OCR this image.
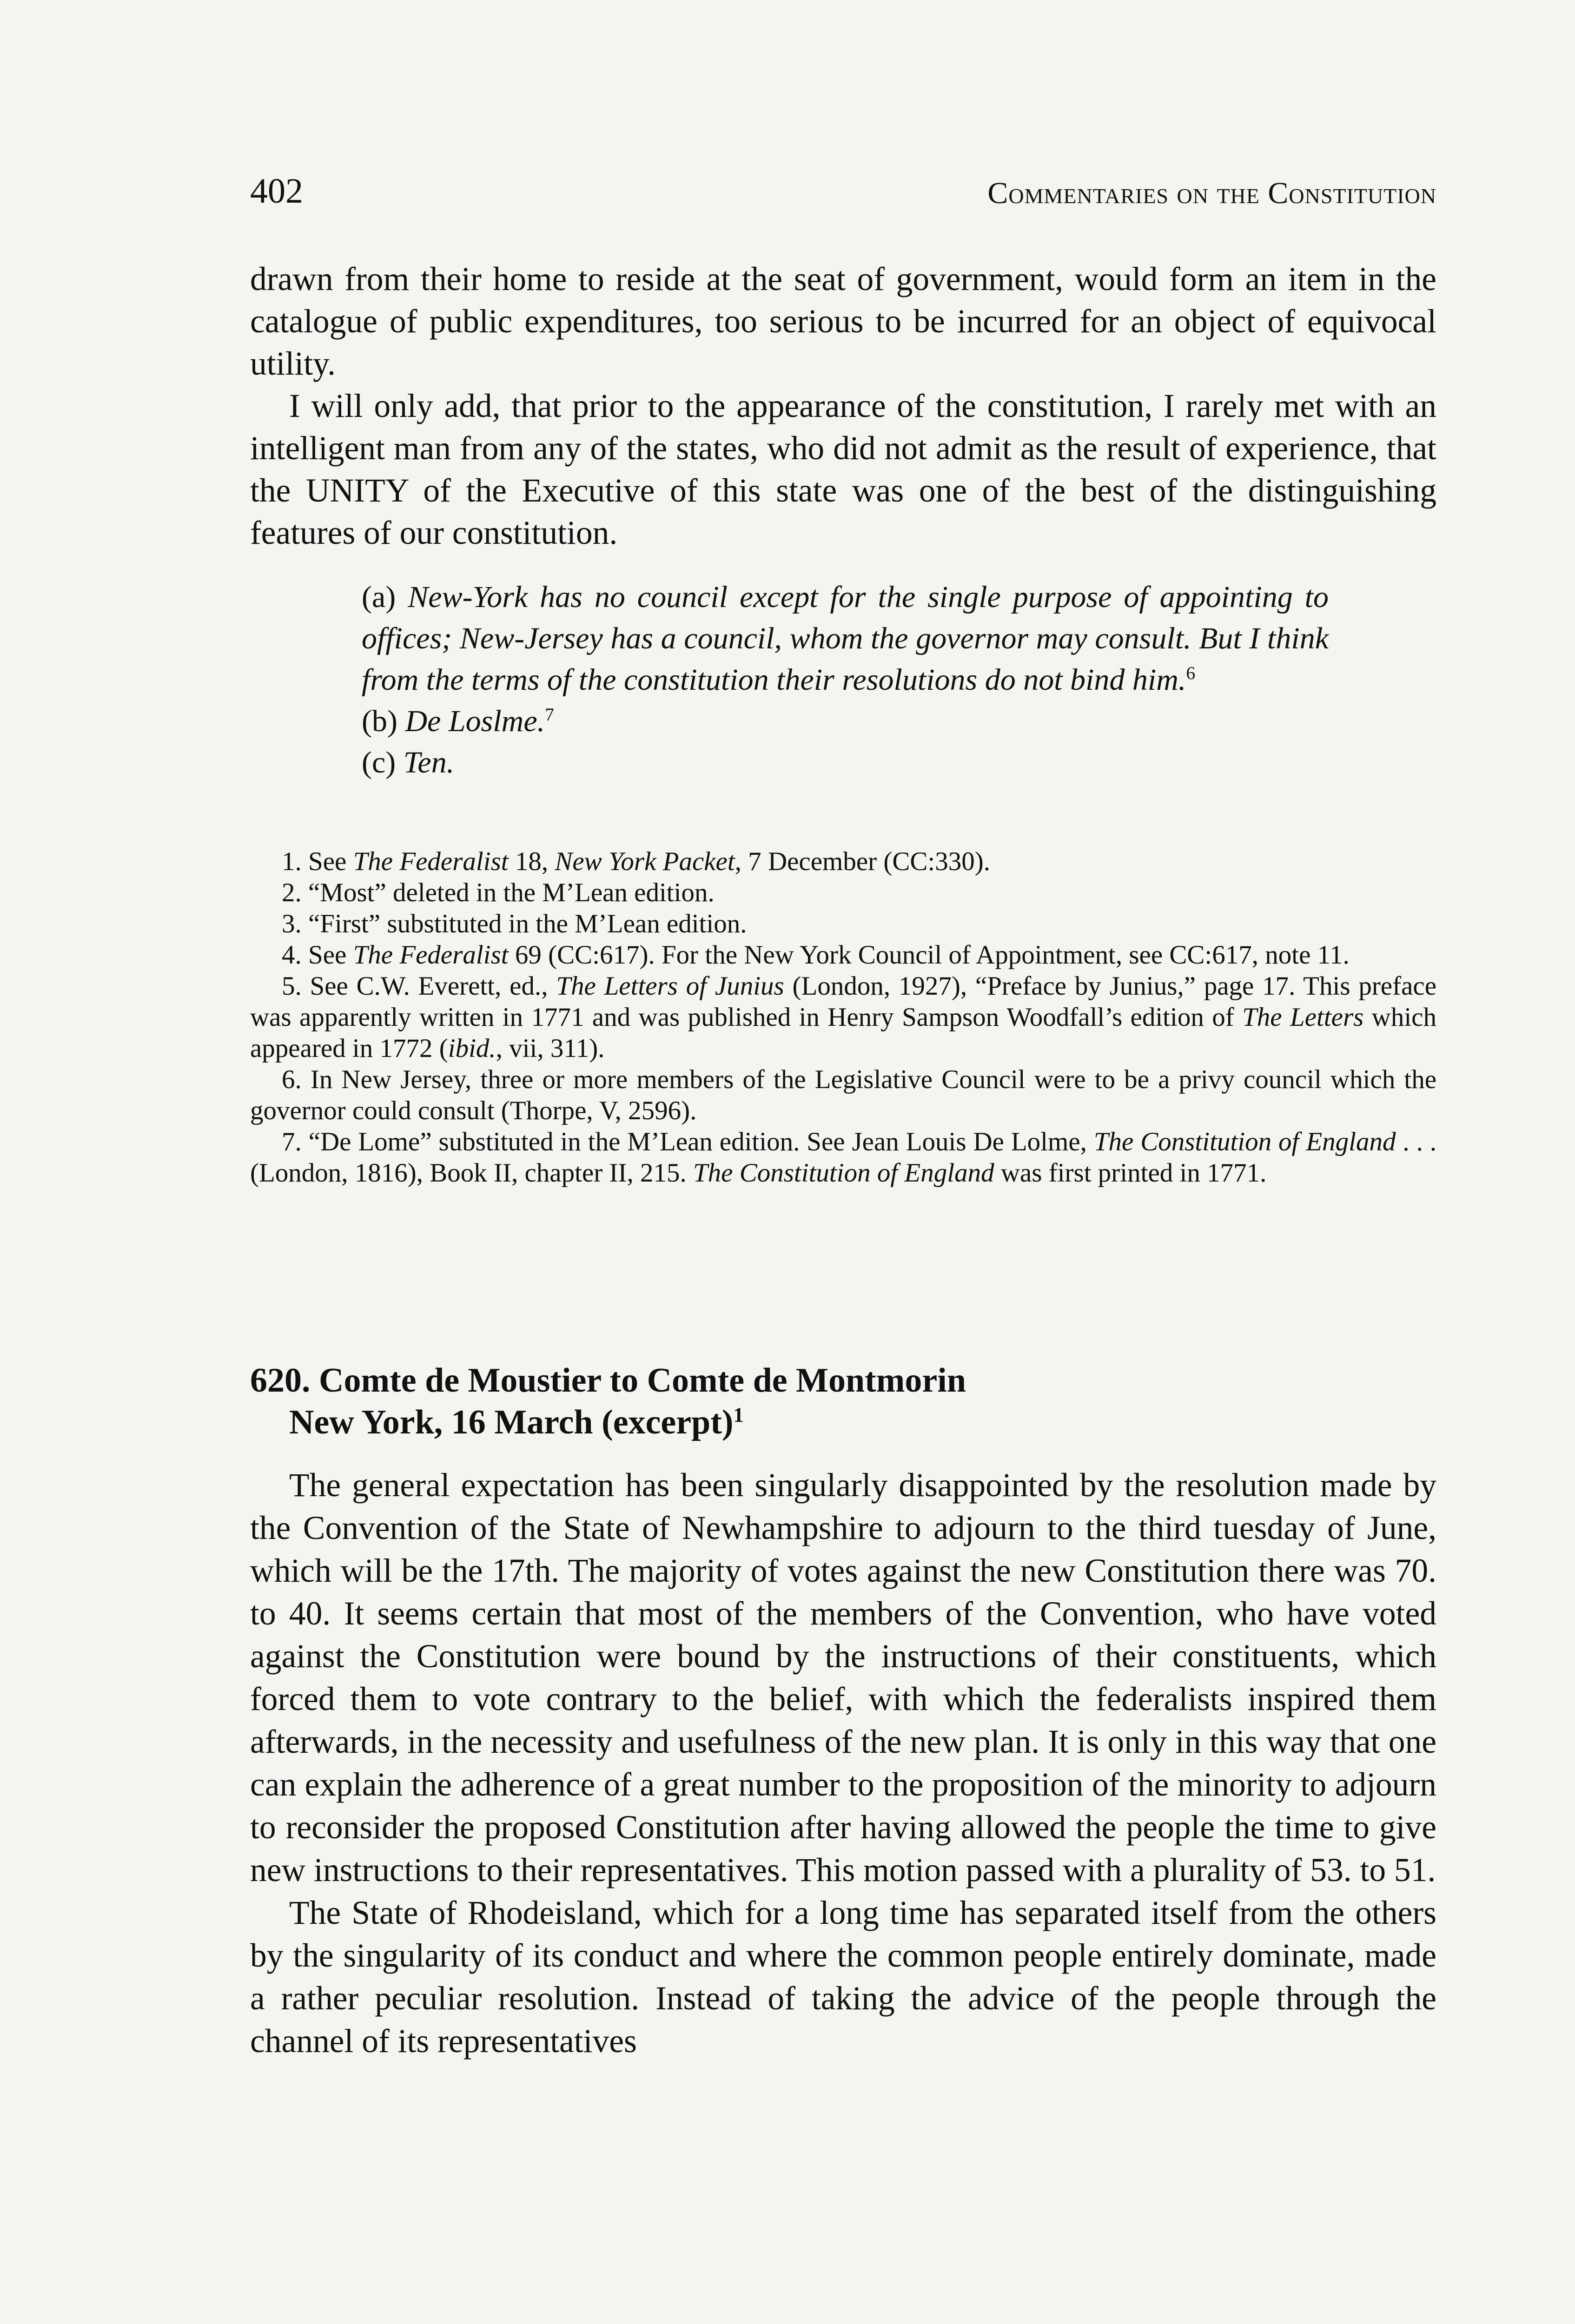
402	Commentaries on the Constitution

drawn from their home to reside at the seat of government, would form an item in the catalogue of public expenditures, too serious to be incurred for an object of equivocal utility.

I will only add, that prior to the appearance of the constitution, I rarely met with an intelligent man from any of the states, who did not admit as the result of experience, that the UNITY of the Executive of this state was one of the best of the distinguishing features of our constitution.

(a) New-York has no council except for the single purpose of appointing to offices; New-Jersey has a council, whom the governor may consult. But I think from the terms of the constitution their resolutions do not bind him.$^6$

(b) De Loslme.$^7$

(c) Ten.

1. See The Federalist 18, New York Packet, 7 December (CC:330).

2. “Most” deleted in the M’Lean edition.

3. “First” substituted in the M’Lean edition.

4. See The Federalist 69 (CC:617). For the New York Council of Appointment, see CC:617, note 11.

5. See C.W. Everett, ed., The Letters of Junius (London, 1927), “Preface by Junius,” page 17. This preface was apparently written in 1771 and was published in Henry Sampson Woodfall’s edition of The Letters which appeared in 1772 (ibid., vii, 311).

6. In New Jersey, three or more members of the Legislative Council were to be a privy council which the governor could consult (Thorpe, V, 2596).

7. “De Lome” substituted in the M’Lean edition. See Jean Louis De Lolme, The Constitution of England . . . (London, 1816), Book II, chapter II, 215. The Constitution of England was first printed in 1771.

620. Comte de Moustier to Comte de Montmorin
New York, 16 March (excerpt)$^1$

The general expectation has been singularly disappointed by the resolution made by the Convention of the State of Newhampshire to adjourn to the third tuesday of June, which will be the 17th. The majority of votes against the new Constitution there was 70. to 40. It seems certain that most of the members of the Convention, who have voted against the Constitution were bound by the instructions of their constituents, which forced them to vote contrary to the belief, with which the federalists inspired them afterwards, in the necessity and usefulness of the new plan. It is only in this way that one can explain the adherence of a great number to the proposition of the minority to adjourn to reconsider the proposed Constitution after having allowed the people the time to give new instructions to their representatives. This motion passed with a plurality of 53. to 51.

The State of Rhodeisland, which for a long time has separated itself from the others by the singularity of its conduct and where the common people entirely dominate, made a rather peculiar resolution. Instead of taking the advice of the people through the channel of its representatives
